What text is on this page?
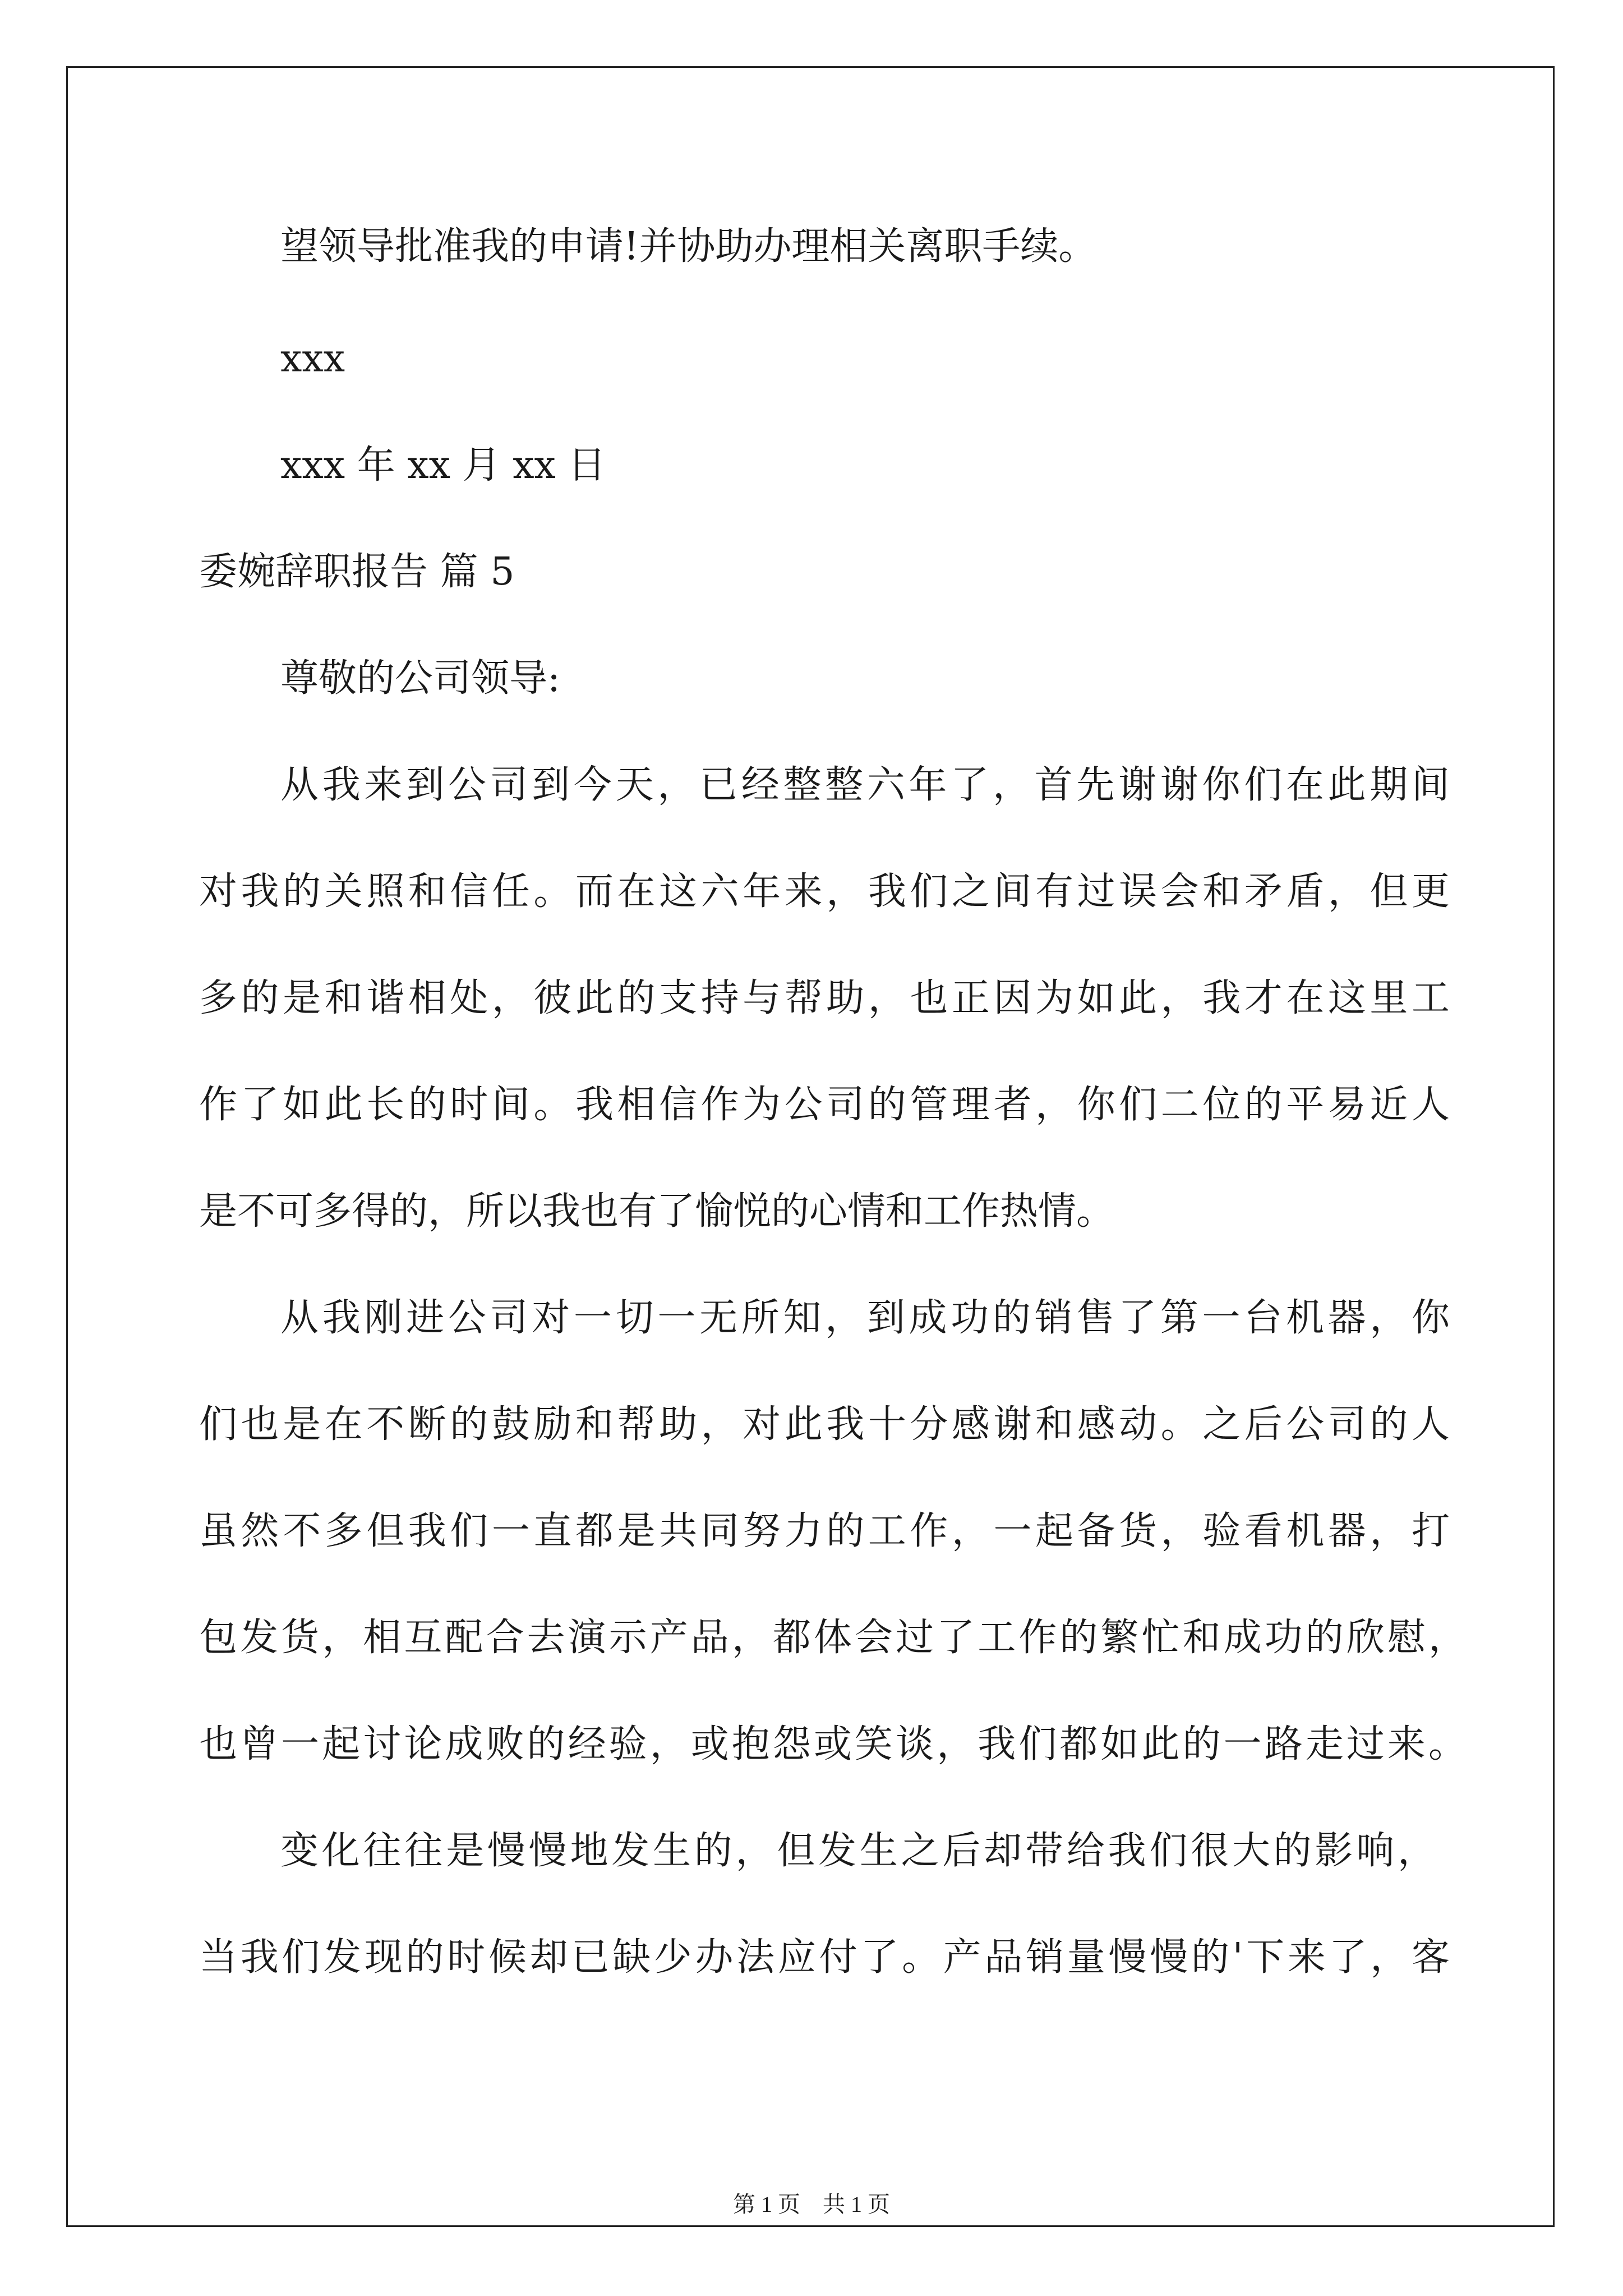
望领导批准我的申请!并协助办理相关离职手续。
xxx
xxx 年 xx 月 xx 日
委婉辞职报告 篇 5
尊敬的公司领导:
从我来到公司到今天，已经整整六年了，首先谢谢你们在此期间
对我的关照和信任。而在这六年来，我们之间有过误会和矛盾，但更
多的是和谐相处，彼此的支持与帮助，也正因为如此，我才在这里工
作了如此长的时间。我相信作为公司的管理者，你们二位的平易近人
是不可多得的，所以我也有了愉悦的心情和工作热情。
从我刚进公司对一切一无所知，到成功的销售了第一台机器，你
们也是在不断的鼓励和帮助，对此我十分感谢和感动。之后公司的人
虽然不多但我们一直都是共同努力的工作，一起备货，验看机器，打
包发货，相互配合去演示产品，都体会过了工作的繁忙和成功的欣慰，
也曾一起讨论成败的经验，或抱怨或笑谈，我们都如此的一路走过来。
变化往往是慢慢地发生的，但发生之后却带给我们很大的影响，
当我们发现的时候却已缺少办法应付了。产品销量慢慢的'下来了，客
第 1 页　共 1 页
